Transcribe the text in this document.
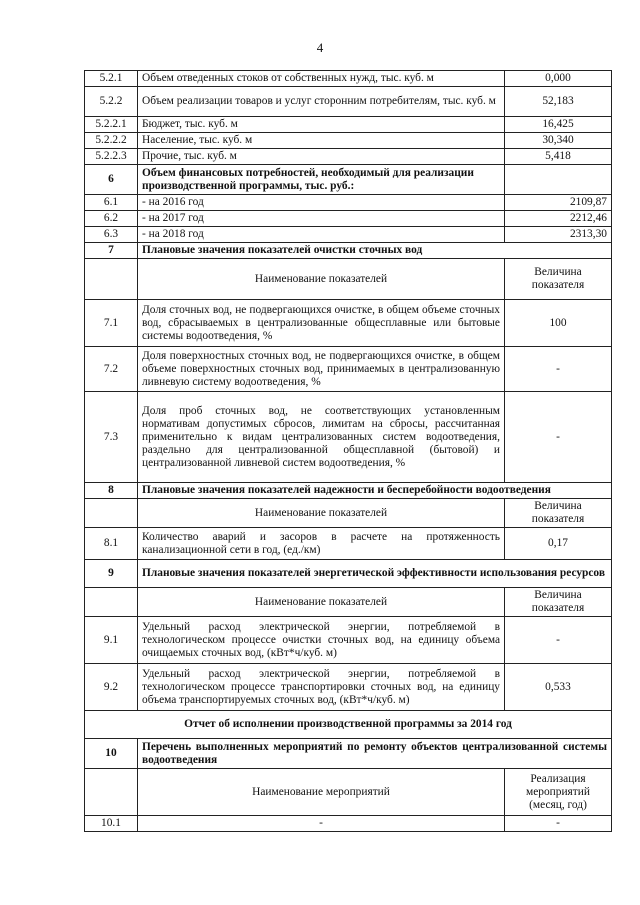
4
5.2.1	Объем отведенных стоков от собственных нужд, тыс. куб. м	0,000
5.2.2	Объем реализации товаров и услуг сторонним потребителям, тыс. куб. м	52,183
5.2.2.1	Бюджет, тыс. куб. м	16,425
5.2.2.2	Население, тыс. куб. м	30,340
5.2.2.3	Прочие, тыс. куб. м	5,418
6	Объем финансовых потребностей, необходимый для реализации производственной программы, тыс. руб.:	
6.1	- на 2016 год	2109,87
6.2	- на 2017 год	2212,46
6.3	- на 2018 год	2313,30
7	Плановые значения показателей очистки сточных вод	
	Наименование показателей	Величина показателя
7.1	Доля сточных вод, не подвергающихся очистке, в общем объеме сточных вод, сбрасываемых в централизованные общесплавные или бытовые системы водоотведения, %	100
7.2	Доля поверхностных сточных вод, не подвергающихся очистке, в общем объеме поверхностных сточных вод, принимаемых в централизованную ливневую систему водоотведения, %	-
7.3	Доля проб сточных вод, не соответствующих установленным нормативам допустимых сбросов, лимитам на сбросы, рассчитанная применительно к видам централизованных систем водоотведения, раздельно для централизованной общесплавной (бытовой) и централизованной ливневой систем водоотведения, %	-
8	Плановые значения показателей надежности и бесперебойности водоотведения	
	Наименование показателей	Величина показателя
8.1	Количество аварий и засоров в расчете на протяженность канализационной сети в год, (ед./км)	0,17
9	Плановые значения показателей энергетической эффективности использования ресурсов	
	Наименование показателей	Величина показателя
9.1	Удельный расход электрической энергии, потребляемой в технологическом процессе очистки сточных вод, на единицу объема очищаемых сточных вод, (кВт*ч/куб. м)	-
9.2	Удельный расход электрической энергии, потребляемой в технологическом процессе транспортировки сточных вод, на единицу объема транспортируемых сточных вод, (кВт*ч/куб. м)	0,533
Отчет об исполнении производственной программы за 2014 год		
10	Перечень выполненных мероприятий по ремонту объектов централизованной системы водоотведения	
	Наименование мероприятий	Реализация мероприятий (месяц, год)
10.1	-	-
